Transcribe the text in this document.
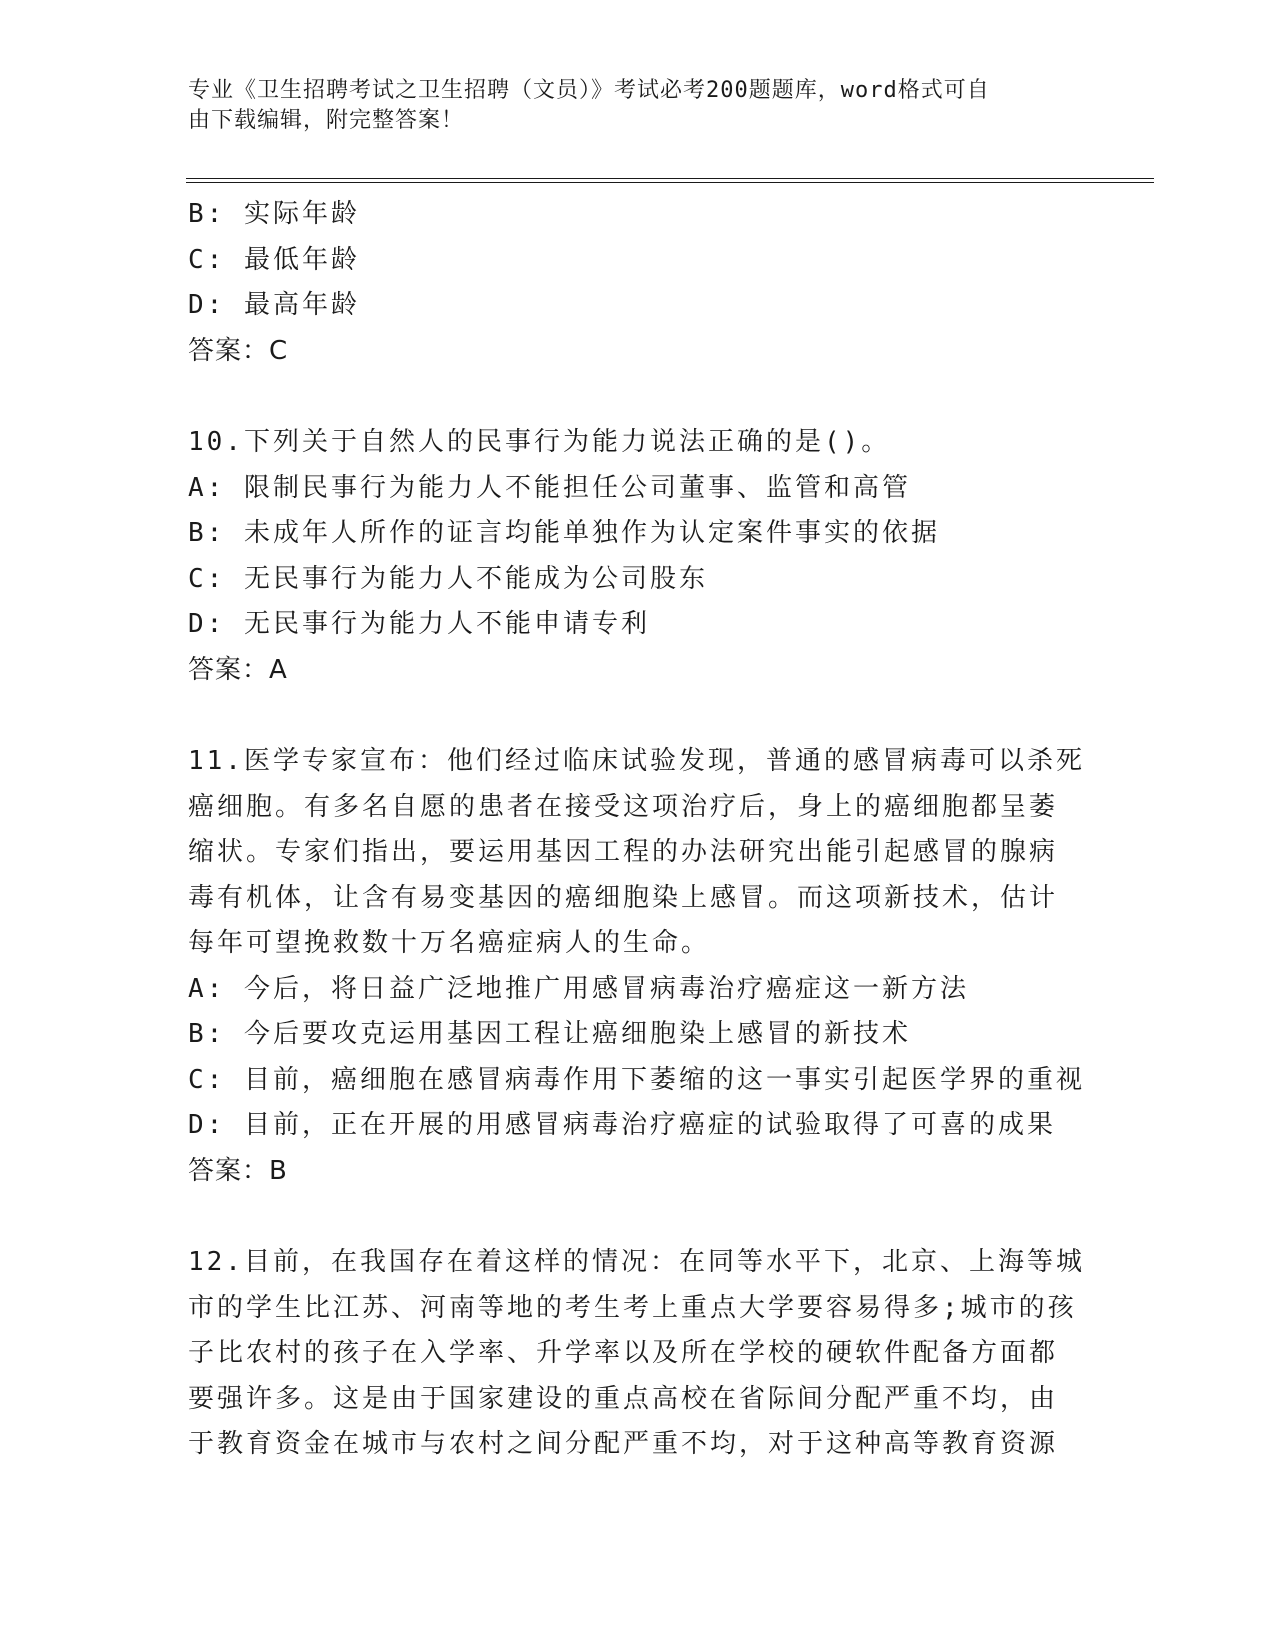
专业《卫生招聘考试之卫生招聘（文员）》考试必考200题题库，word格式可自
由下载编辑，附完整答案！
B: 实际年龄
C: 最低年龄
D: 最高年龄
答案：C
10.下列关于自然人的民事行为能力说法正确的是()。
A: 限制民事行为能力人不能担任公司董事、监管和高管
B: 未成年人所作的证言均能单独作为认定案件事实的依据
C: 无民事行为能力人不能成为公司股东
D: 无民事行为能力人不能申请专利
答案：A
11.医学专家宣布：他们经过临床试验发现，普通的感冒病毒可以杀死
癌细胞。有多名自愿的患者在接受这项治疗后，身上的癌细胞都呈萎
缩状。专家们指出，要运用基因工程的办法研究出能引起感冒的腺病
毒有机体，让含有易变基因的癌细胞染上感冒。而这项新技术，估计
每年可望挽救数十万名癌症病人的生命。
A: 今后，将日益广泛地推广用感冒病毒治疗癌症这一新方法
B: 今后要攻克运用基因工程让癌细胞染上感冒的新技术
C: 目前，癌细胞在感冒病毒作用下萎缩的这一事实引起医学界的重视
D: 目前，正在开展的用感冒病毒治疗癌症的试验取得了可喜的成果
答案：B
12.目前，在我国存在着这样的情况：在同等水平下，北京、上海等城
市的学生比江苏、河南等地的考生考上重点大学要容易得多;城市的孩
子比农村的孩子在入学率、升学率以及所在学校的硬软件配备方面都
要强许多。这是由于国家建设的重点高校在省际间分配严重不均，由
于教育资金在城市与农村之间分配严重不均，对于这种高等教育资源
